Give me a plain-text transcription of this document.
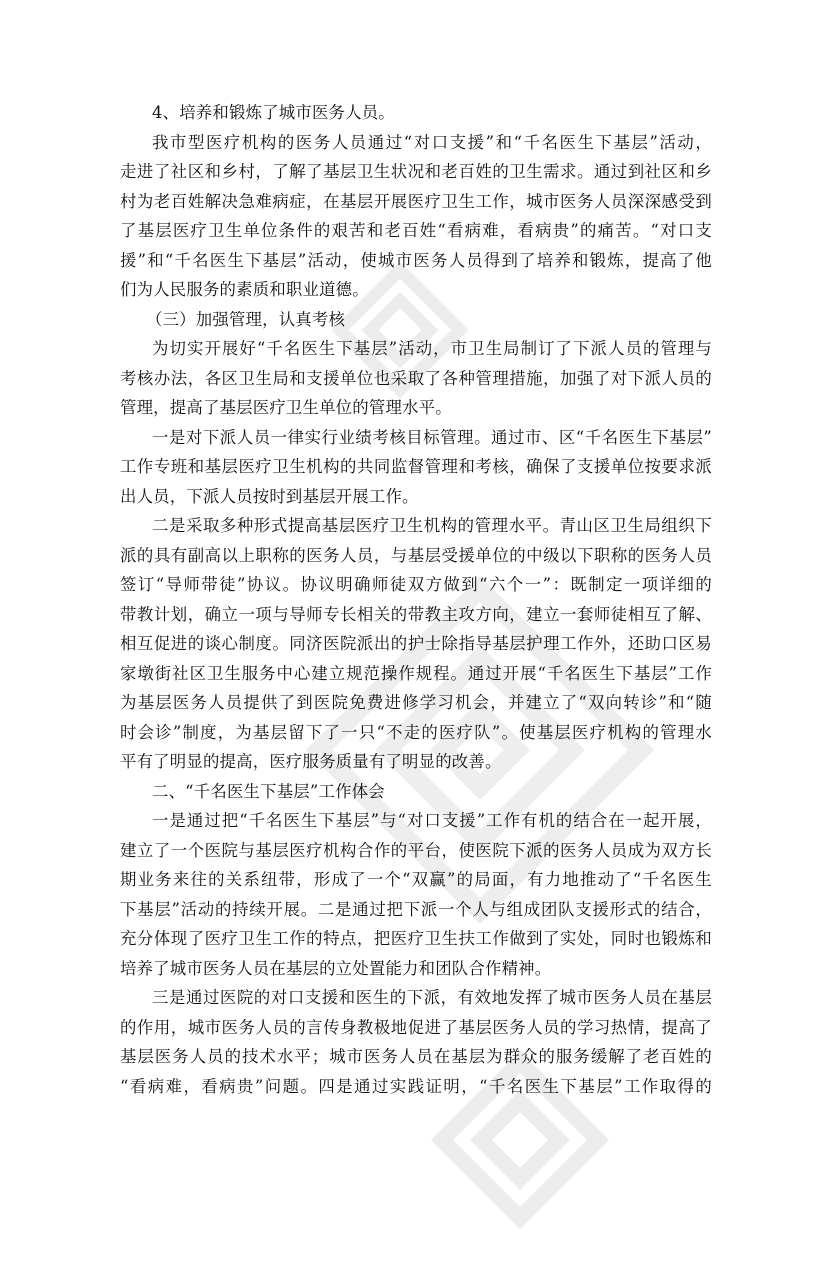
4、培养和锻炼了城市医务人员。
我市型医疗机构的医务人员通过“对口支援”和“千名医生下基层”活动，
走进了社区和乡村，了解了基层卫生状况和老百姓的卫生需求。通过到社区和乡
村为老百姓解决急难病症，在基层开展医疗卫生工作，城市医务人员深深感受到
了基层医疗卫生单位条件的艰苦和老百姓“看病难，看病贵”的痛苦。“对口支
援”和“千名医生下基层”活动，使城市医务人员得到了培养和锻炼，提高了他
们为人民服务的素质和职业道德。
（三）加强管理，认真考核
为切实开展好“千名医生下基层”活动，市卫生局制订了下派人员的管理与
考核办法，各区卫生局和支援单位也采取了各种管理措施，加强了对下派人员的
管理，提高了基层医疗卫生单位的管理水平。
一是对下派人员一律实行业绩考核目标管理。通过市、区“千名医生下基层”
工作专班和基层医疗卫生机构的共同监督管理和考核，确保了支援单位按要求派
出人员，下派人员按时到基层开展工作。
二是采取多种形式提高基层医疗卫生机构的管理水平。青山区卫生局组织下
派的具有副高以上职称的医务人员，与基层受援单位的中级以下职称的医务人员
签订“导师带徒”协议。协议明确师徒双方做到“六个一”：既制定一项详细的
带教计划，确立一项与导师专长相关的带教主攻方向，建立一套师徒相互了解、
相互促进的谈心制度。同济医院派出的护士除指导基层护理工作外，还助口区易
家墩街社区卫生服务中心建立规范操作规程。通过开展“千名医生下基层”工作
为基层医务人员提供了到医院免费进修学习机会，并建立了“双向转诊”和“随
时会诊”制度，为基层留下了一只“不走的医疗队”。使基层医疗机构的管理水
平有了明显的提高，医疗服务质量有了明显的改善。
二、“千名医生下基层”工作体会
一是通过把“千名医生下基层”与“对口支援”工作有机的结合在一起开展，
建立了一个医院与基层医疗机构合作的平台，使医院下派的医务人员成为双方长
期业务来往的关系纽带，形成了一个“双赢”的局面，有力地推动了“千名医生
下基层”活动的持续开展。二是通过把下派一个人与组成团队支援形式的结合，
充分体现了医疗卫生工作的特点，把医疗卫生扶工作做到了实处，同时也锻炼和
培养了城市医务人员在基层的立处置能力和团队合作精神。
三是通过医院的对口支援和医生的下派，有效地发挥了城市医务人员在基层
的作用，城市医务人员的言传身教极地促进了基层医务人员的学习热情，提高了
基层医务人员的技术水平；城市医务人员在基层为群众的服务缓解了老百姓的
“看病难，看病贵”问题。四是通过实践证明，“千名医生下基层”工作取得的
